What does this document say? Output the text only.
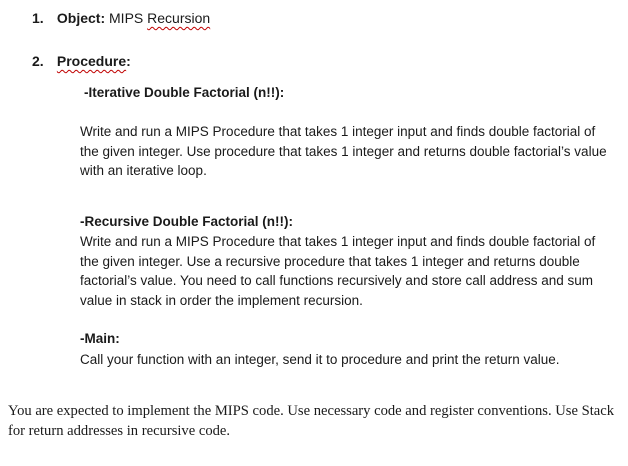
1. Object: MIPS Recursion
2. Procedure:
-Iterative Double Factorial (n!!):
Write and run a MIPS Procedure that takes 1 integer input and finds double factorial of the given integer. Use procedure that takes 1 integer and returns double factorial’s value with an iterative loop.
-Recursive Double Factorial (n!!):
Write and run a MIPS Procedure that takes 1 integer input and finds double factorial of the given integer. Use a recursive procedure that takes 1 integer and returns double factorial’s value. You need to call functions recursively and store call address and sum value in stack in order the implement recursion.
-Main:
Call your function with an integer, send it to procedure and print the return value.
You are expected to implement the MIPS code. Use necessary code and register conventions. Use Stack for return addresses in recursive code.
